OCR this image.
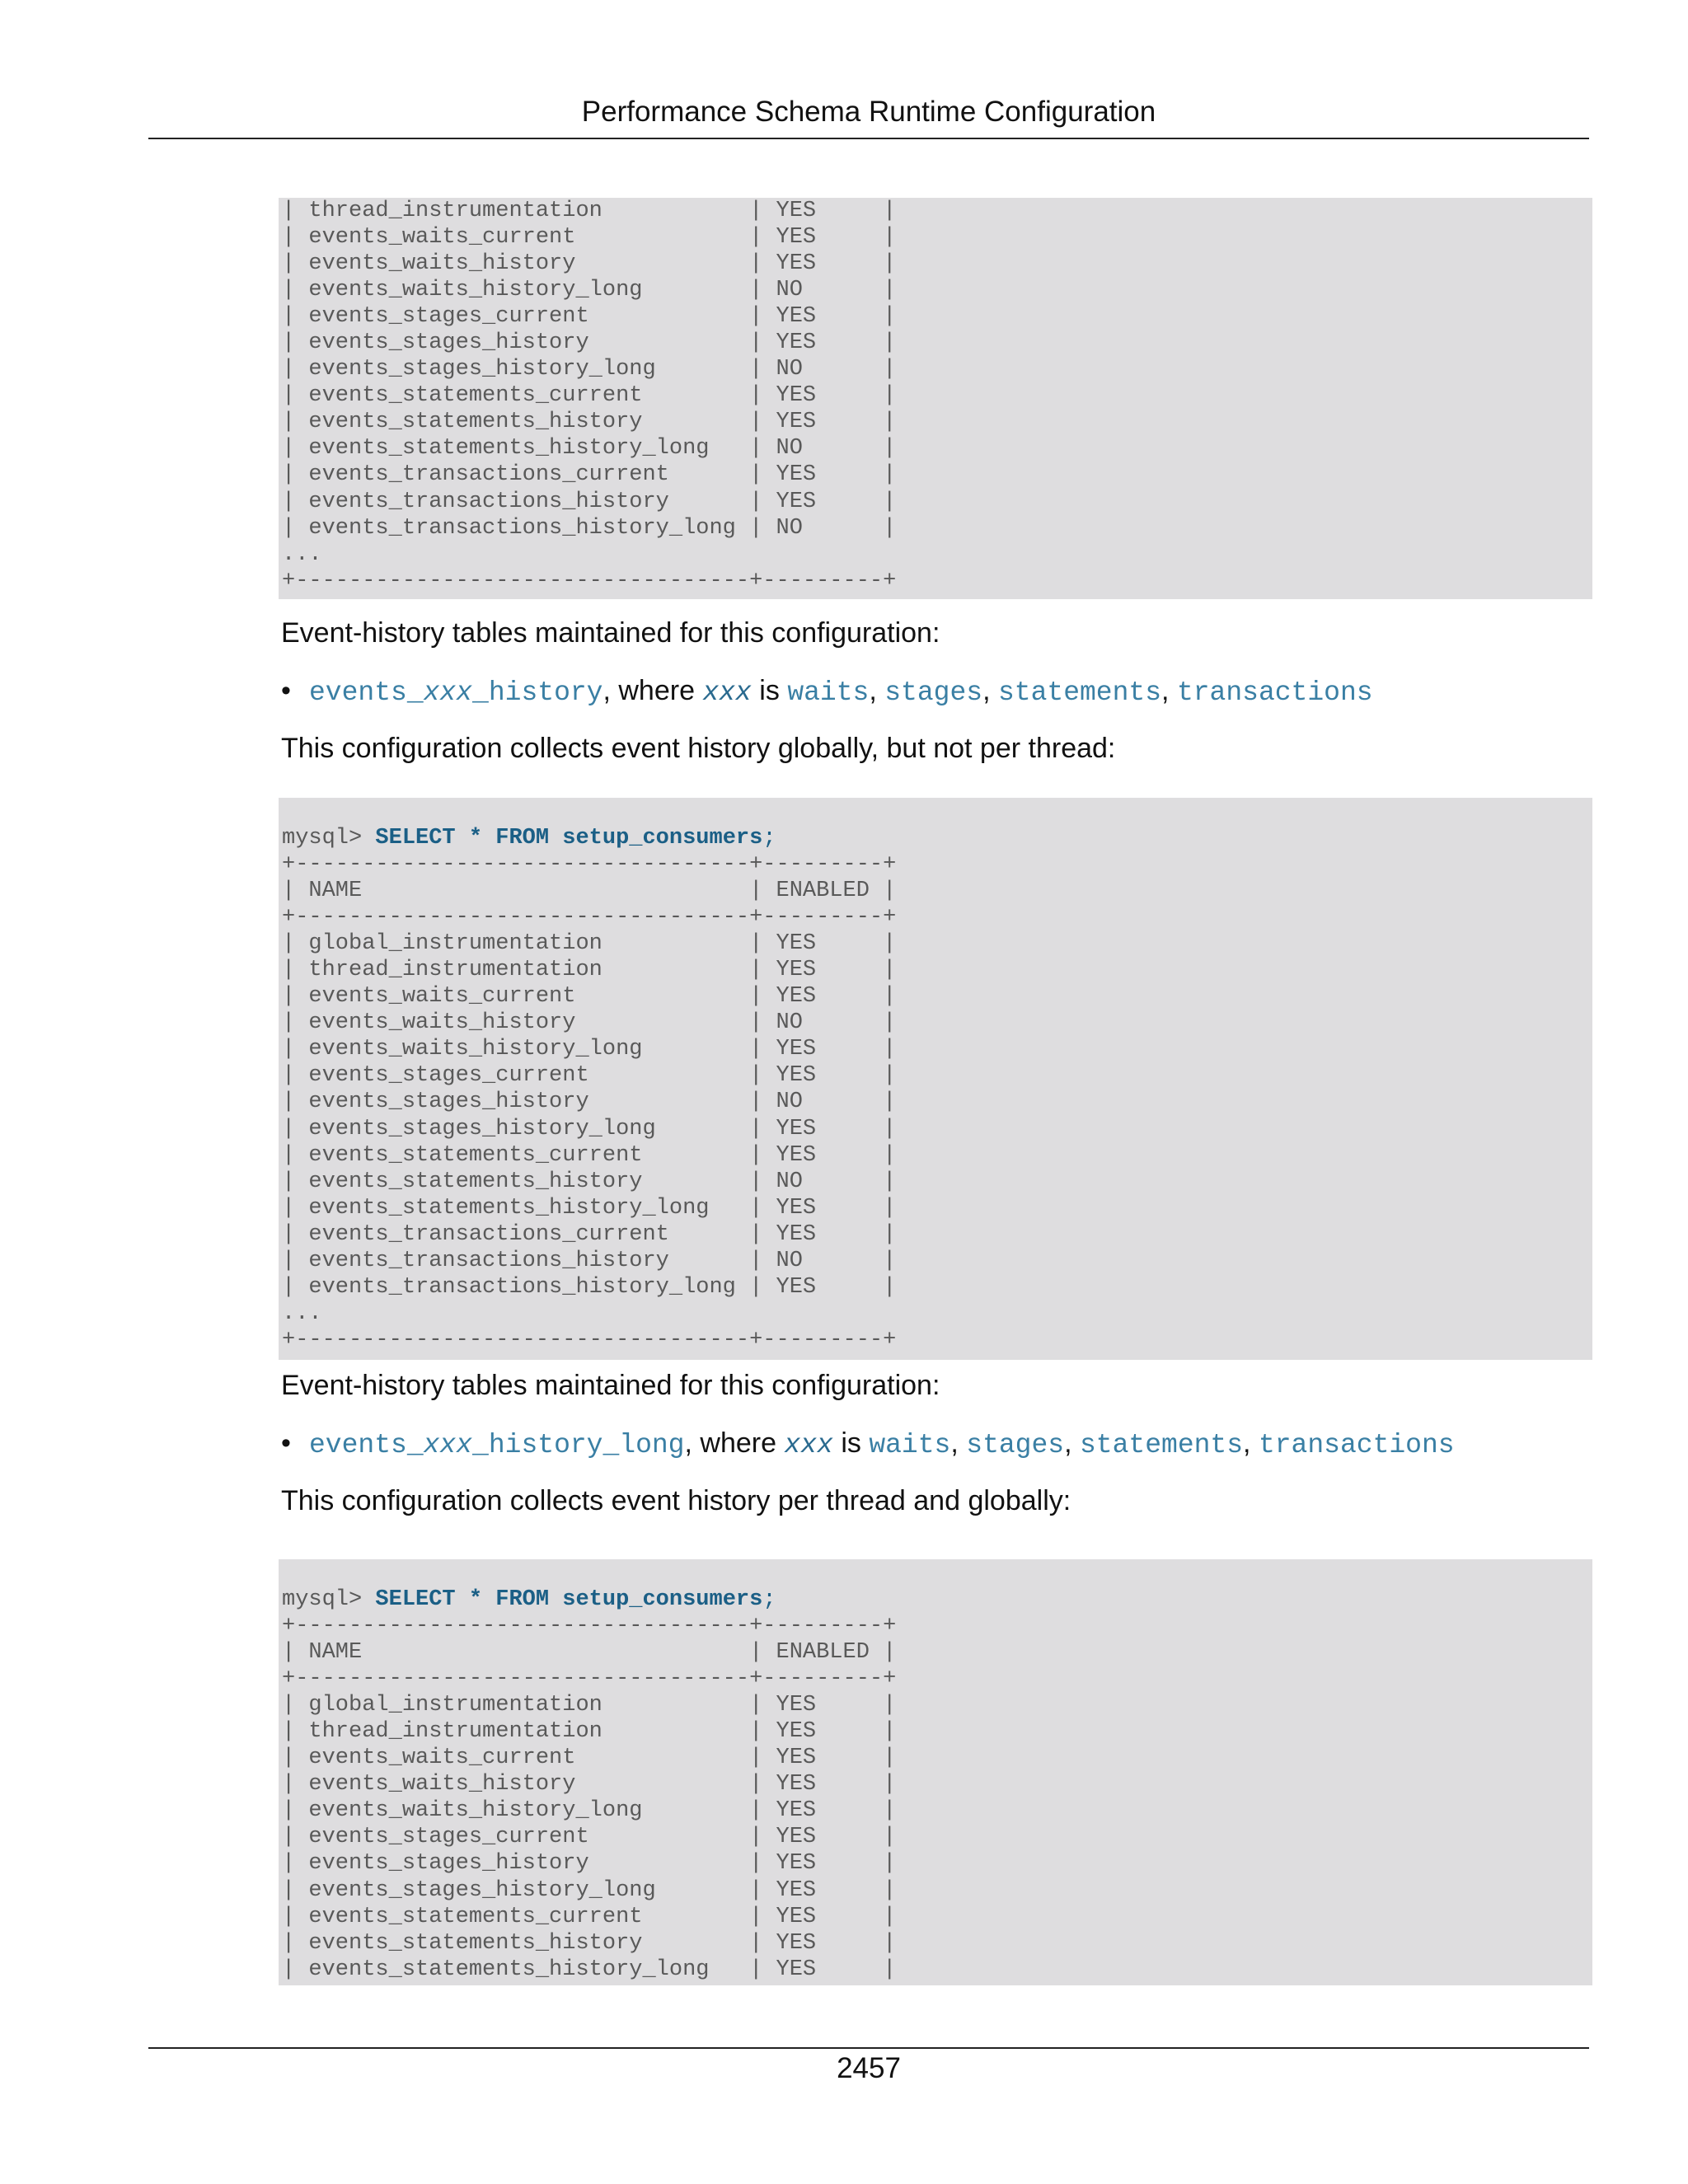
Performance Schema Runtime Configuration
| thread_instrumentation           | YES     |
| events_waits_current             | YES     |
| events_waits_history             | YES     |
| events_waits_history_long        | NO      |
| events_stages_current            | YES     |
| events_stages_history            | YES     |
| events_stages_history_long       | NO      |
| events_statements_current        | YES     |
| events_statements_history        | YES     |
| events_statements_history_long   | NO      |
| events_transactions_current      | YES     |
| events_transactions_history      | YES     |
| events_transactions_history_long | NO      |
...
+----------------------------------+---------+
Event-history tables maintained for this configuration:
• events_xxx_history, where xxx is waits, stages, statements, transactions
This configuration collects event history globally, but not per thread:
mysql> SELECT * FROM setup_consumers;
+----------------------------------+---------+
| NAME                             | ENABLED |
+----------------------------------+---------+
| global_instrumentation           | YES     |
| thread_instrumentation           | YES     |
| events_waits_current             | YES     |
| events_waits_history             | NO      |
| events_waits_history_long        | YES     |
| events_stages_current            | YES     |
| events_stages_history            | NO      |
| events_stages_history_long       | YES     |
| events_statements_current        | YES     |
| events_statements_history        | NO      |
| events_statements_history_long   | YES     |
| events_transactions_current      | YES     |
| events_transactions_history      | NO      |
| events_transactions_history_long | YES     |
...
+----------------------------------+---------+
Event-history tables maintained for this configuration:
• events_xxx_history_long, where xxx is waits, stages, statements, transactions
This configuration collects event history per thread and globally:
mysql> SELECT * FROM setup_consumers;
+----------------------------------+---------+
| NAME                             | ENABLED |
+----------------------------------+---------+
| global_instrumentation           | YES     |
| thread_instrumentation           | YES     |
| events_waits_current             | YES     |
| events_waits_history             | YES     |
| events_waits_history_long        | YES     |
| events_stages_current            | YES     |
| events_stages_history            | YES     |
| events_stages_history_long       | YES     |
| events_statements_current        | YES     |
| events_statements_history        | YES     |
| events_statements_history_long   | YES     |
2457
